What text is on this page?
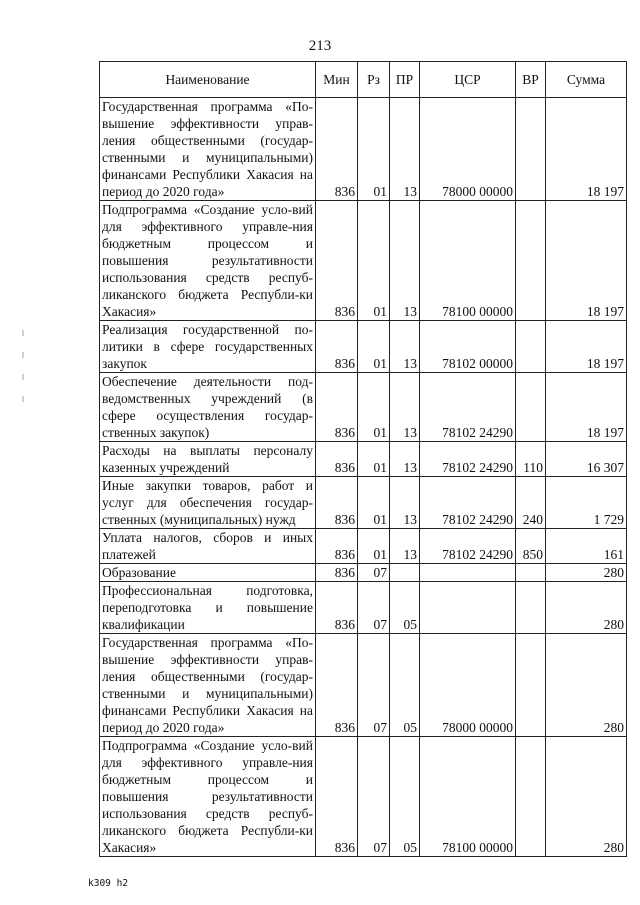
213
Наименование	Мин	Рз	ПР	ЦСР	ВР	Сумма
Государственная программа «По-вышение эффективности управ-ления общественными (государ-ственными и муниципальными) финансами Республики Хакасия на период до 2020 года»	836	01	13	78000 00000		18 197
Подпрограмма «Создание усло-вий для эффективного управле-ния бюджетным процессом и повышения результативности использования средств респуб-ликанского бюджета Республи-ки Хакасия»	836	01	13	78100 00000		18 197
Реализация государственной по-литики в сфере государственных закупок	836	01	13	78102 00000		18 197
Обеспечение деятельности под-ведомственных учреждений (в сфере осуществления государ-ственных закупок)	836	01	13	78102 24290		18 197
Расходы на выплаты персоналу казенных учреждений	836	01	13	78102 24290	110	16 307
Иные закупки товаров, работ и услуг для обеспечения государ-ственных (муниципальных) нужд	836	01	13	78102 24290	240	1 729
Уплата налогов, сборов и иных платежей	836	01	13	78102 24290	850	161
Образование	836	07				280
Профессиональная подготовка, переподготовка и повышение квалификации	836	07	05			280
Государственная программа «По-вышение эффективности управ-ления общественными (государ-ственными и муниципальными) финансами Республики Хакасия на период до 2020 года»	836	07	05	78000 00000		280
Подпрограмма «Создание усло-вий для эффективного управле-ния бюджетным процессом и повышения результативности использования средств респуб-ликанского бюджета Республи-ки Хакасия»	836	07	05	78100 00000		280
k309 h2
